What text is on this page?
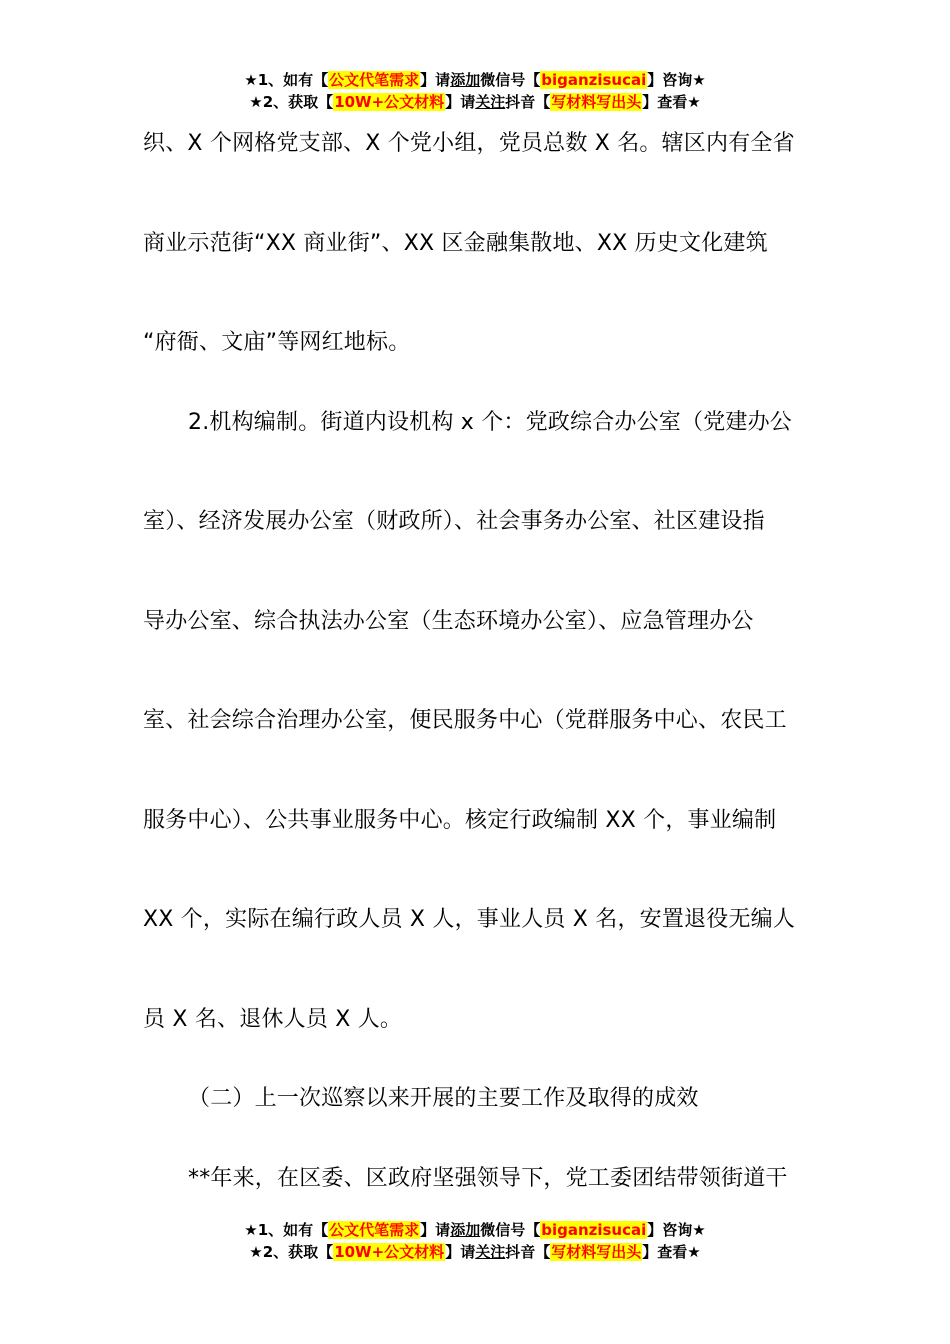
★1、如有【公文代笔需求】请添加微信号【biganzisucai】咨询★
★2、获取【10W+公文材料】请关注抖音【写材料写出头】查看★
织、X 个网格党支部、X 个党小组，党员总数 X 名。辖区内有全省
商业示范街“XX 商业街”、XX 区金融集散地、XX 历史文化建筑
“府衙、文庙”等网红地标。
2.机构编制。街道内设机构 x 个：党政综合办公室（党建办公
室）、经济发展办公室（财政所）、社会事务办公室、社区建设指
导办公室、综合执法办公室（生态环境办公室）、应急管理办公
室、社会综合治理办公室，便民服务中心（党群服务中心、农民工
服务中心）、公共事业服务中心。核定行政编制 XX 个，事业编制
XX 个，实际在编行政人员 X 人，事业人员 X 名，安置退役无编人
员 X 名、退休人员 X 人。
（二）上一次巡察以来开展的主要工作及取得的成效
**年来，在区委、区政府坚强领导下，党工委团结带领街道干
★1、如有【公文代笔需求】请添加微信号【biganzisucai】咨询★
★2、获取【10W+公文材料】请关注抖音【写材料写出头】查看★
